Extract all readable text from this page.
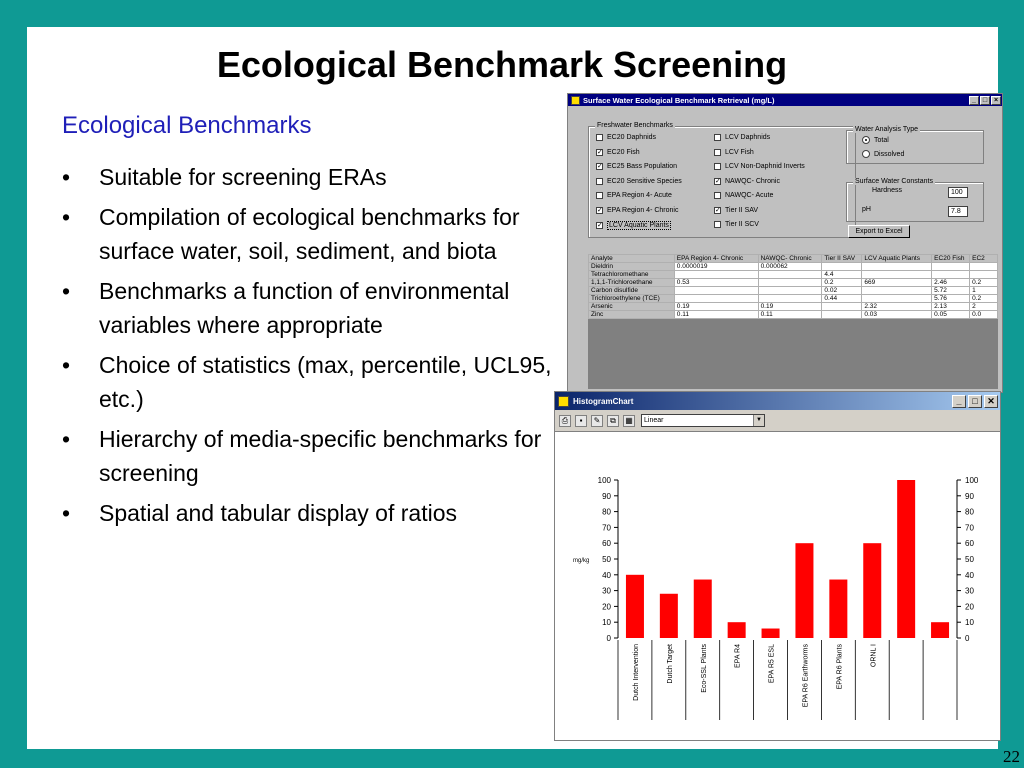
Ecological Benchmark Screening
Ecological Benchmarks
• Suitable for screening ERAs
• Compilation of ecological benchmarks for surface water, soil, sediment, and biota
• Benchmarks a function of environmental variables where appropriate
• Choice of statistics (max, percentile, UCL95, etc.)
• Hierarchy of media-specific benchmarks for screening
• Spatial and tabular display of ratios
22
Surface Water Ecological Benchmark Retrieval (mg/L)	_ □ ×
Freshwater Benchmarks
Water Analysis Type
Total
Dissolved
Surface Water Constants
Hardness	100
pH	7.8
Export to Excel
Analyte	EPA Region 4- Chronic	NAWQC- Chronic	Tier II SAV	LCV Aquatic Plants	EC20 Fish	EC2
Dieldrin	0.0000019	0.000062				
Tetrachloromethane			4.4			
1,1,1-Trichloroethane	0.53		0.2	669	2.46	0.2
Carbon disulfide			0.02		5.72	1
Trichloroethylene (TCE)			0.44		5.76	0.2
Arsenic	0.19	0.19		2.32	2.13	2
Zinc	0.11	0.11		0.03	0.05	0.0
EC20 Daphnids
✓ EC20 Fish
✓ EC25 Bass Population
EC20 Sensitive Species
EPA Region 4- Acute
✓ EPA Region 4- Chronic
✓ LCV Aquatic Plants
LCV Daphnids
LCV Fish
LCV Non-Daphnid Inverts
✓ NAWQC- Chronic
NAWQC- Acute
✓ Tier II SAV
Tier II SCV
HistogramChart	_	□	✕
⎙	▪	✎	⧉	▦	Linear	▼
0	0
10	10
20	20
30	30
40	40
50	50
60	60
70	70
80	80
90	90
100	100
mg/kg
Dutch Intervention	Dutch Target	Eco-SSL Plants	EPA R4	EPA R5 ESL	EPA R6 Earthworms	EPA R6 Plants	ORNL I
